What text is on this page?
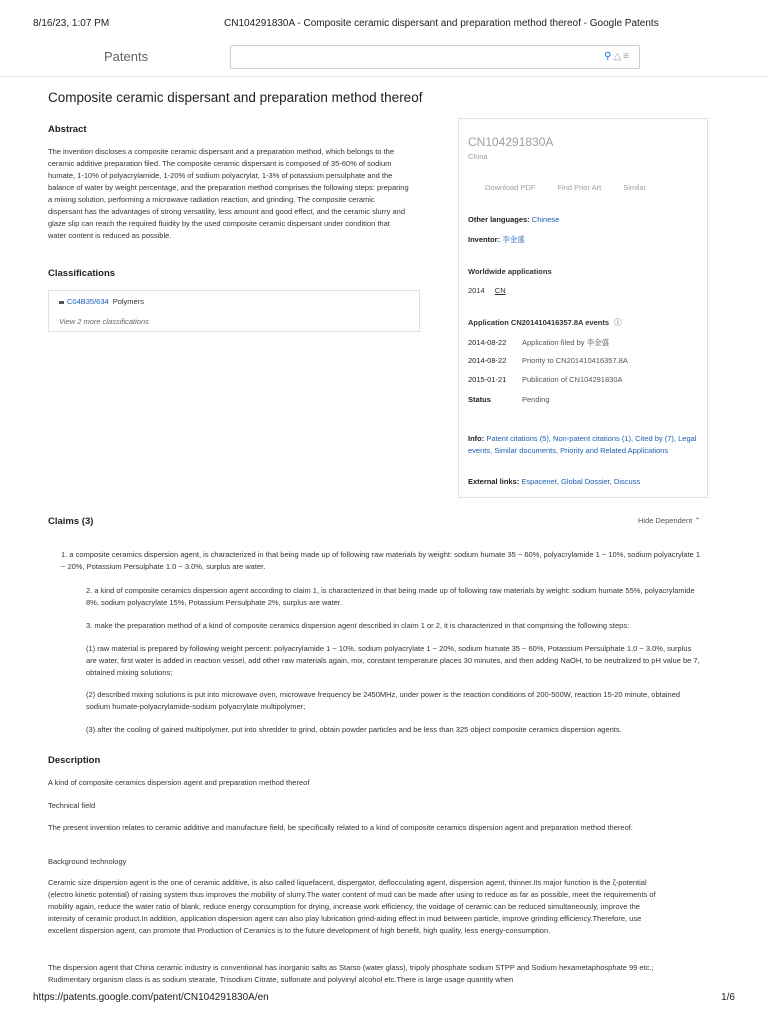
8/16/23, 1:07 PM	CN104291830A - Composite ceramic dispersant and preparation method thereof - Google Patents
Patents	⚲△≡
Composite ceramic dispersant and preparation method thereof
Abstract
The invention discloses a composite ceramic dispersant and a preparation method, which belongs to the ceramic additive preparation filed. The composite ceramic dispersant is composed of 35-60% of sodium humate, 1-10% of polyacrylamide, 1-20% of sodium polyacrylat, 1-3% of potassium persulphate and the balance of water by weight percentage, and the preparation method comprises the following steps: preparing a mixing solution, performing a microwave radiation reaction, and grinding. The composite ceramic dispersant has the advantages of strong versatility, less amount and good effect, and the ceramic slurry and glaze slip can reach the required fluidity by the used composite ceramic dispersant under condition that water content is reduced as possible.
Classifications
C04B35/634 Polymers
View 2 more classifications
CN104291830A
China
Download PDF	Find Prior Art	Similar
Other languages: Chinese
Inventor: 李金盛
Worldwide applications
2014 CN
Application CN201410416357.8A events ⓘ
2014-08-22 Application filed by 李金盛
2014-08-22 Priority to CN201410416357.8A
2015-01-21 Publication of CN104291830A
Status	Pending
Info: Patent citations (5), Non-patent citations (1), Cited by (7), Legal events, Similar documents, Priority and Related Applications
External links: Espacenet, Global Dossier, Discuss
Claims (3)	Hide Dependent ⌃
1. a composite ceramics dispersion agent, is characterized in that being made up of following raw materials by weight: sodium humate 35 ~ 60%, polyacrylamide 1 ~ 10%, sodium polyacrylate 1 ~ 20%, Potassium Persulphate 1.0 ~ 3.0%, surplus are water.
2. a kind of composite ceramics dispersion agent according to claim 1, is characterized in that being made up of following raw materials by weight: sodium humate 55%, polyacrylamide 8%, sodium polyacrylate 15%, Potassium Persulphate 2%, surplus are water.
3. make the preparation method of a kind of composite ceramics dispersion agent described in claim 1 or 2, it is characterized in that comprising the following steps:
(1) raw material is prepared by following weight percent: polyacrylamide 1 ~ 10%, sodium polyacrylate 1 ~ 20%, sodium humate 35 ~ 60%, Potassium Persulphate 1.0 ~ 3.0%, surplus are water, first water is added in reaction vessel, add other raw materials again, mix, constant temperature places 30 minutes, and then adding NaOH, to be neutralized to pH value be 7, obtained mixing solutions;
(2) described mixing solutions is put into microwave oven, microwave frequency be 2450MHz, under power is the reaction conditions of 200-500W, reaction 15-20 minute, obtained sodium humate-polyacrylamide-sodium polyacrylate multipolymer;
(3) after the cooling of gained multipolymer, put into shredder to grind, obtain powder particles and be less than 325 object composite ceramics dispersion agents.
Description
A kind of composite ceramics dispersion agent and preparation method thereof
Technical field
The present invention relates to ceramic additive and manufacture field, be specifically related to a kind of composite ceramics dispersion agent and preparation method thereof.
Background technology
Ceramic size dispersion agent is the one of ceramic additive, is also called liquefacent, dispergator, deflocculating agent, dispersion agent, thinner.Its major function is the ζ-potential (electro kinetic potential) of raising system thus improves the mobility of slurry.The water content of mud can be made after using to reduce as far as possible, meet the requirements of mobility again, reduce the water ratio of blank, reduce energy consumption for drying, increase work efficiency, the voidage of ceramic can be reduced simultaneously, improve the intensity of ceramic product.In addition, application dispersion agent can also play lubrication grind-aiding effect in mud between particle, improve grinding efficiency.Therefore, use excellent dispersion agent, can promote that Production of Ceramics is to the future development of high benefit, high quality, less energy-consumption.
The dispersion agent that China ceramic industry is conventional has inorganic salts as Starso (water glass), tripoly phosphate sodium STPP and Sodium hexametaphosphate 99 etc.; Rudimentary organism class is as sodium stearate, Trisodium Citrate, sulfonate and polyvinyl alcohol etc.There is large usage quantity when
https://patents.google.com/patent/CN104291830A/en	1/6
